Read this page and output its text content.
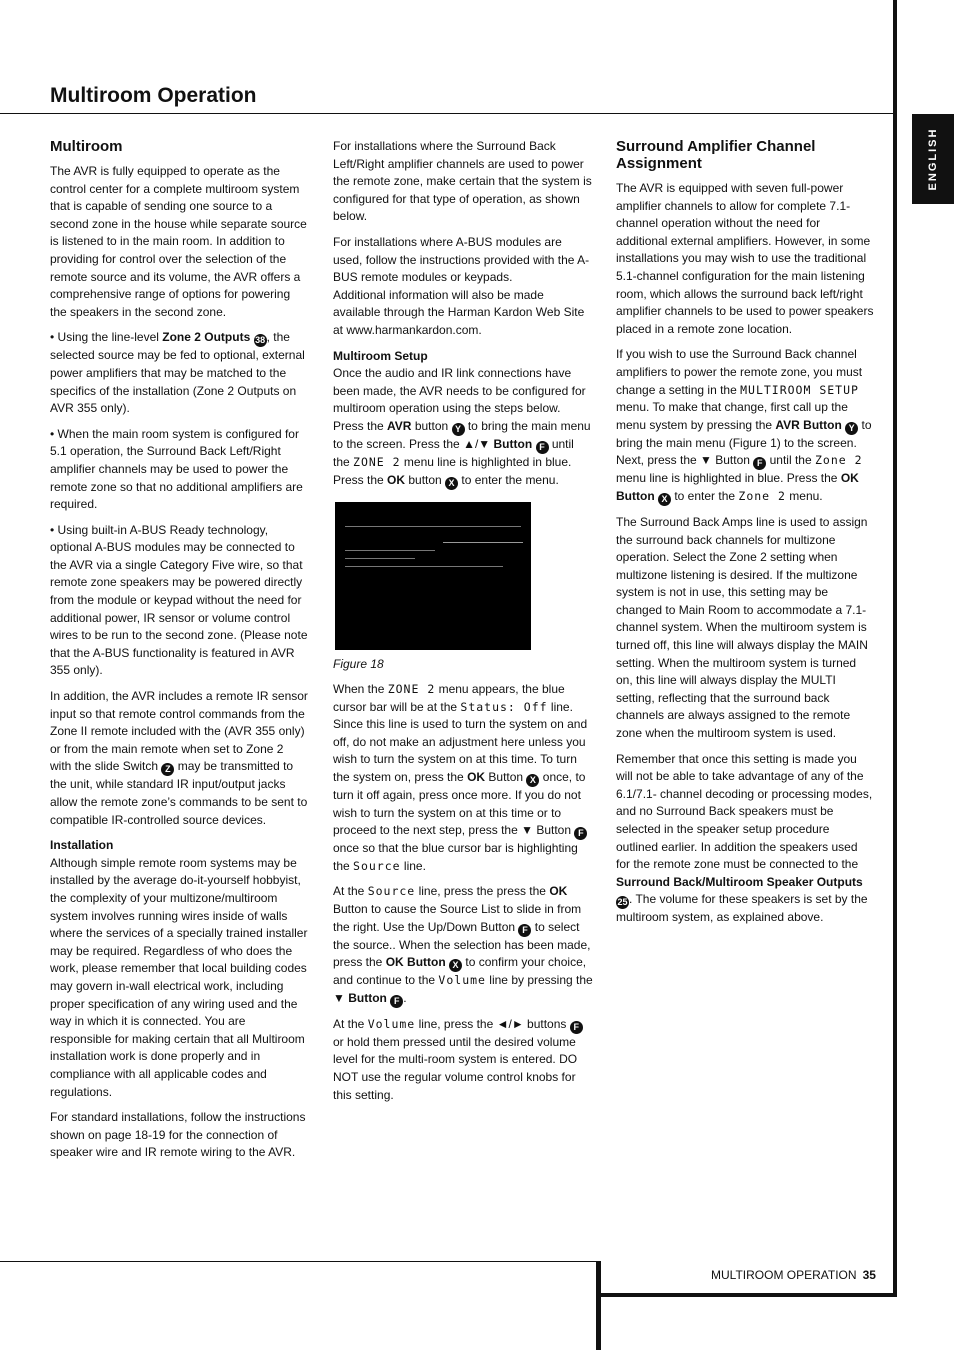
Multiroom Operation
ENGLISH
Multiroom

The AVR is fully equipped to operate as the control center for a complete multiroom system that is capable of sending one source to a second zone in the house while separate source is listened to in the main room. In addition to providing for control over the selection of the remote source and its volume, the AVR offers a comprehensive range of options for powering the speakers in the second zone.

• Using the line-level Zone 2 Outputs 38 , the selected source may be fed to optional, external power amplifiers that may be matched to the specifics of the installation (Zone 2 Outputs on AVR 355 only).

• When the main room system is configured for 5.1 operation, the Surround Back Left/Right amplifier channels may be used to power the remote zone so that no additional amplifiers are required.

• Using built-in A-BUS Ready technology, optional A-BUS modules may be connected to the AVR via a single Category Five wire, so that remote zone speakers may be powered directly from the module or keypad without the need for additional power, IR sensor or volume control wires to be run to the second zone. (Please note that the A-BUS functionality is featured in AVR 355 only).

In addition, the AVR includes a remote IR sensor input so that remote control commands from the Zone II remote included with the (AVR 355 only) or from the main remote when set to Zone 2 with the slide Switch Z may be transmitted to the unit, while standard IR input/output jacks allow the remote zone’s commands to be sent to compatible IR-controlled source devices.

Installation
Although simple remote room systems may be installed by the average do-it-yourself hobbyist, the complexity of your multizone/multiroom system involves running wires inside of walls where the services of a specially trained installer may be required. Regardless of who does the work, please remember that local building codes may govern in-wall electrical work, including proper specification of any wiring used and the way in which it is connected. You are responsible for making certain that all Multiroom installation work is done properly and in compliance with all applicable codes and regulations.

For standard installations, follow the instructions shown on page 18-19 for the connection of speaker wire and IR remote wiring to the AVR.

For installations where the Surround Back Left/Right amplifier channels are used to power the remote zone, make certain that the system is configured for that type of operation, as shown below.

For installations where A-BUS modules are used, follow the instructions provided with the A-BUS remote modules or keypads.
Additional information will also be made available through the Harman Kardon Web Site at www.harmankardon.com.

Multiroom Setup
Once the audio and IR link connections have been made, the AVR needs to be configured for multiroom operation using the steps below. Press the AVR button Y to bring the main menu to the screen. Press the ▲/▼ Button F until the ZONE 2 menu line is highlighted in blue. Press the OK button X to enter the menu.

Figure 18

When the ZONE 2 menu appears, the blue cursor bar will be at the Status: Off line. Since this line is used to turn the system on and off, do not make an adjustment here unless you wish to turn the system on at this time. To turn the system on, press the OK Button X once, to turn it off again, press once more. If you do not wish to turn the system on at this time or to proceed to the next step, press the ▼ Button F once so that the blue cursor bar is highlighting the Source line.

At the Source line, press the press the OK Button to cause the Source List to slide in from the right. Use the Up/Down Button F to select the source.. When the selection has been made, press the OK Button X to confirm your choice, and continue to the Volume line by pressing the ▼ Button F .

At the Volume line, press the ◄/► buttons F or hold them pressed until the desired volume level for the multi-room system is entered. DO NOT use the regular volume control knobs for this setting.

Surround Amplifier Channel Assignment

The AVR is equipped with seven full-power amplifier channels to allow for complete 7.1-channel operation without the need for additional external amplifiers. However, in some installations you may wish to use the traditional 5.1-channel configuration for the main listening room, which allows the surround back left/right amplifier channels to be used to power speakers placed in a remote zone location.

If you wish to use the Surround Back channel amplifiers to power the remote zone, you must change a setting in the MULTIROOM SETUP menu. To make that change, first call up the menu system by pressing the AVR Button Y to bring the main menu (Figure 1) to the screen. Next, press the ▼ Button F until the Zone 2 menu line is highlighted in blue. Press the OK Button X to enter the Zone 2 menu.

The Surround Back Amps line is used to assign the surround back channels for multizone operation. Select the Zone 2 setting when multizone listening is desired. If the multizone system is not in use, this setting may be changed to Main Room to accommodate a 7.1-channel system. When the multiroom system is turned off, this line will always display the MAIN setting. When the multiroom system is turned on, this line will always display the MULTI setting, reflecting that the surround back channels are always assigned to the remote zone when the multiroom system is used.

Remember that once this setting is made you will not be able to take advantage of any of the 6.1/7.1- channel decoding or processing modes, and no Surround Back speakers must be selected in the speaker setup procedure outlined earlier. In addition the speakers used for the remote zone must be connected to the Surround Back/Multiroom Speaker Outputs 25 . The volume for these speakers is set by the multiroom system, as explained above.

MULTIROOM OPERATION 35
